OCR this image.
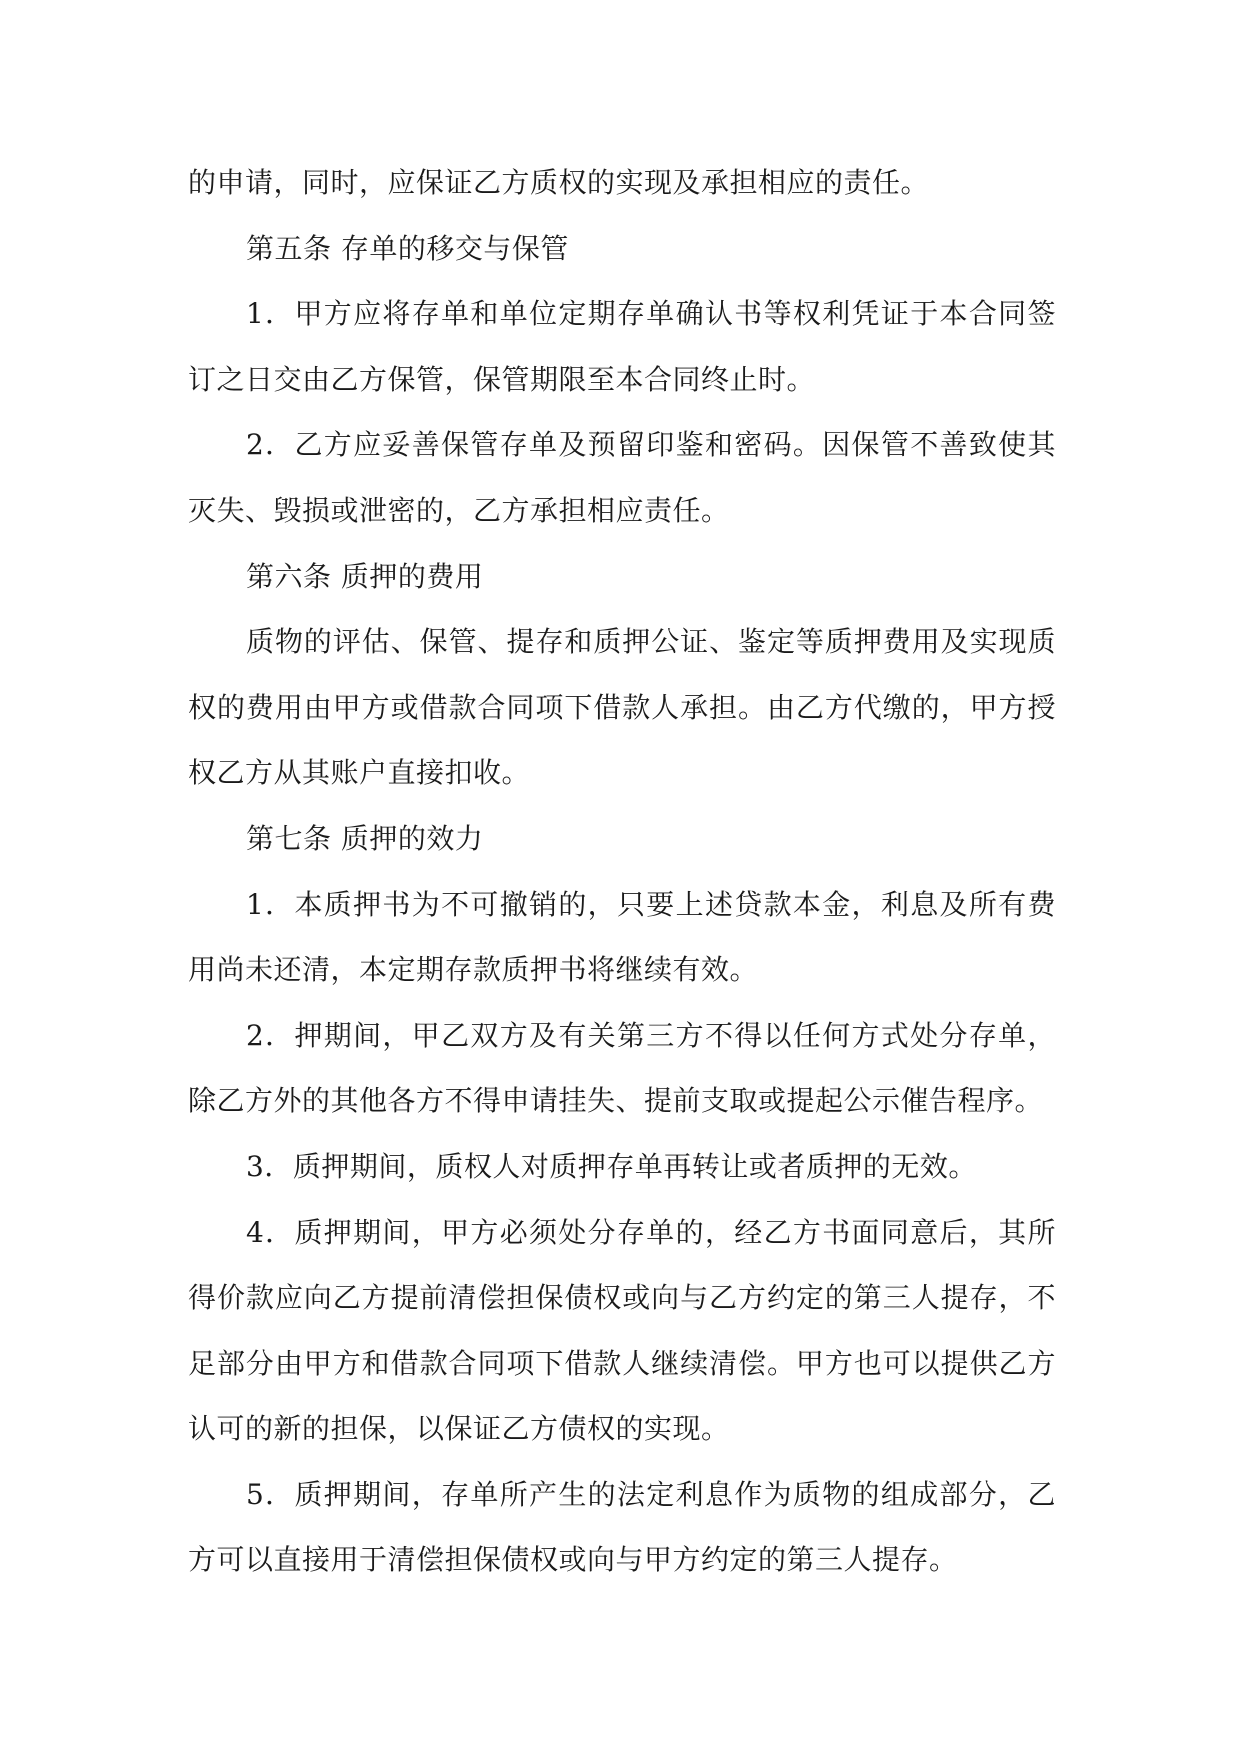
的申请，同时，应保证乙方质权的实现及承担相应的责任。

第五条 存单的移交与保管

1．甲方应将存单和单位定期存单确认书等权利凭证于本合同签订之日交由乙方保管，保管期限至本合同终止时。

2．乙方应妥善保管存单及预留印鉴和密码。因保管不善致使其灭失、毁损或泄密的，乙方承担相应责任。

第六条 质押的费用

质物的评估、保管、提存和质押公证、鉴定等质押费用及实现质权的费用由甲方或借款合同项下借款人承担。由乙方代缴的，甲方授权乙方从其账户直接扣收。

第七条 质押的效力

1．本质押书为不可撤销的，只要上述贷款本金，利息及所有费用尚未还清，本定期存款质押书将继续有效。

2．押期间，甲乙双方及有关第三方不得以任何方式处分存单，除乙方外的其他各方不得申请挂失、提前支取或提起公示催告程序。

3．质押期间，质权人对质押存单再转让或者质押的无效。

4．质押期间，甲方必须处分存单的，经乙方书面同意后，其所得价款应向乙方提前清偿担保债权或向与乙方约定的第三人提存，不足部分由甲方和借款合同项下借款人继续清偿。甲方也可以提供乙方认可的新的担保，以保证乙方债权的实现。

5．质押期间，存单所产生的法定利息作为质物的组成部分，乙方可以直接用于清偿担保债权或向与甲方约定的第三人提存。
